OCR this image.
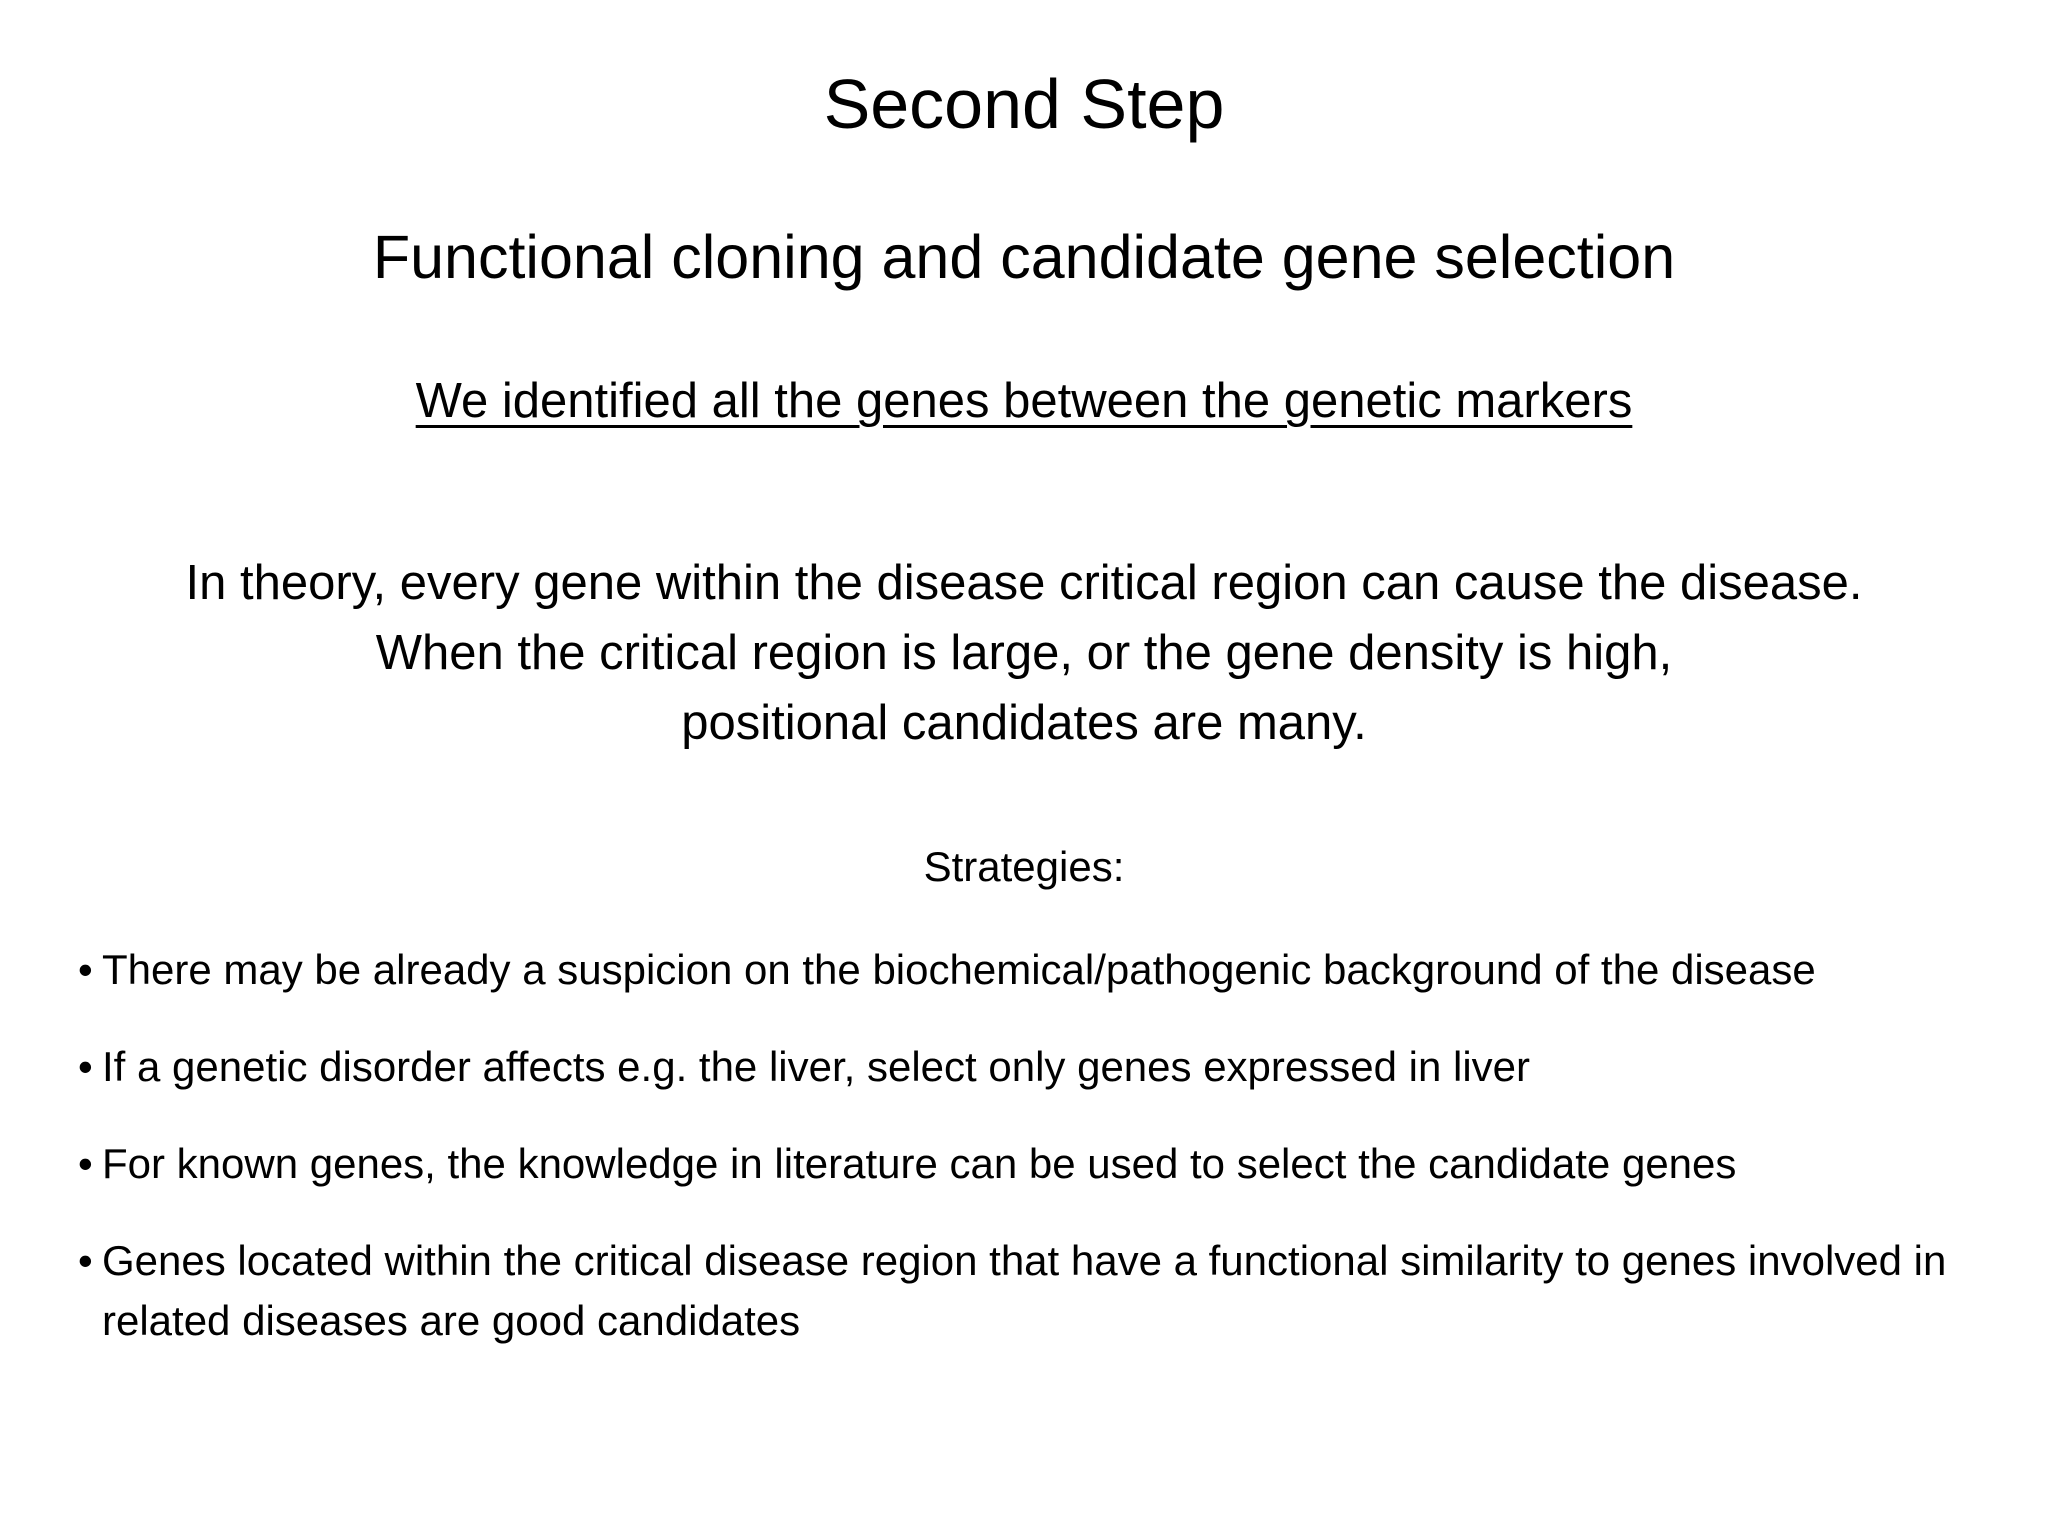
Second Step
Functional cloning and candidate gene selection

We identified all the genes between the genetic markers

In theory, every gene within the disease critical region can cause the disease.
When the critical region is large, or the gene density is high,
positional candidates are many.

Strategies:

• There may be already a suspicion on the biochemical/pathogenic background of the disease
• If a genetic disorder affects e.g. the liver, select only genes expressed in liver
• For known genes, the knowledge in literature can be used to select the candidate genes
• Genes located within the critical disease region that have a functional similarity to genes involved in related diseases are good candidates
